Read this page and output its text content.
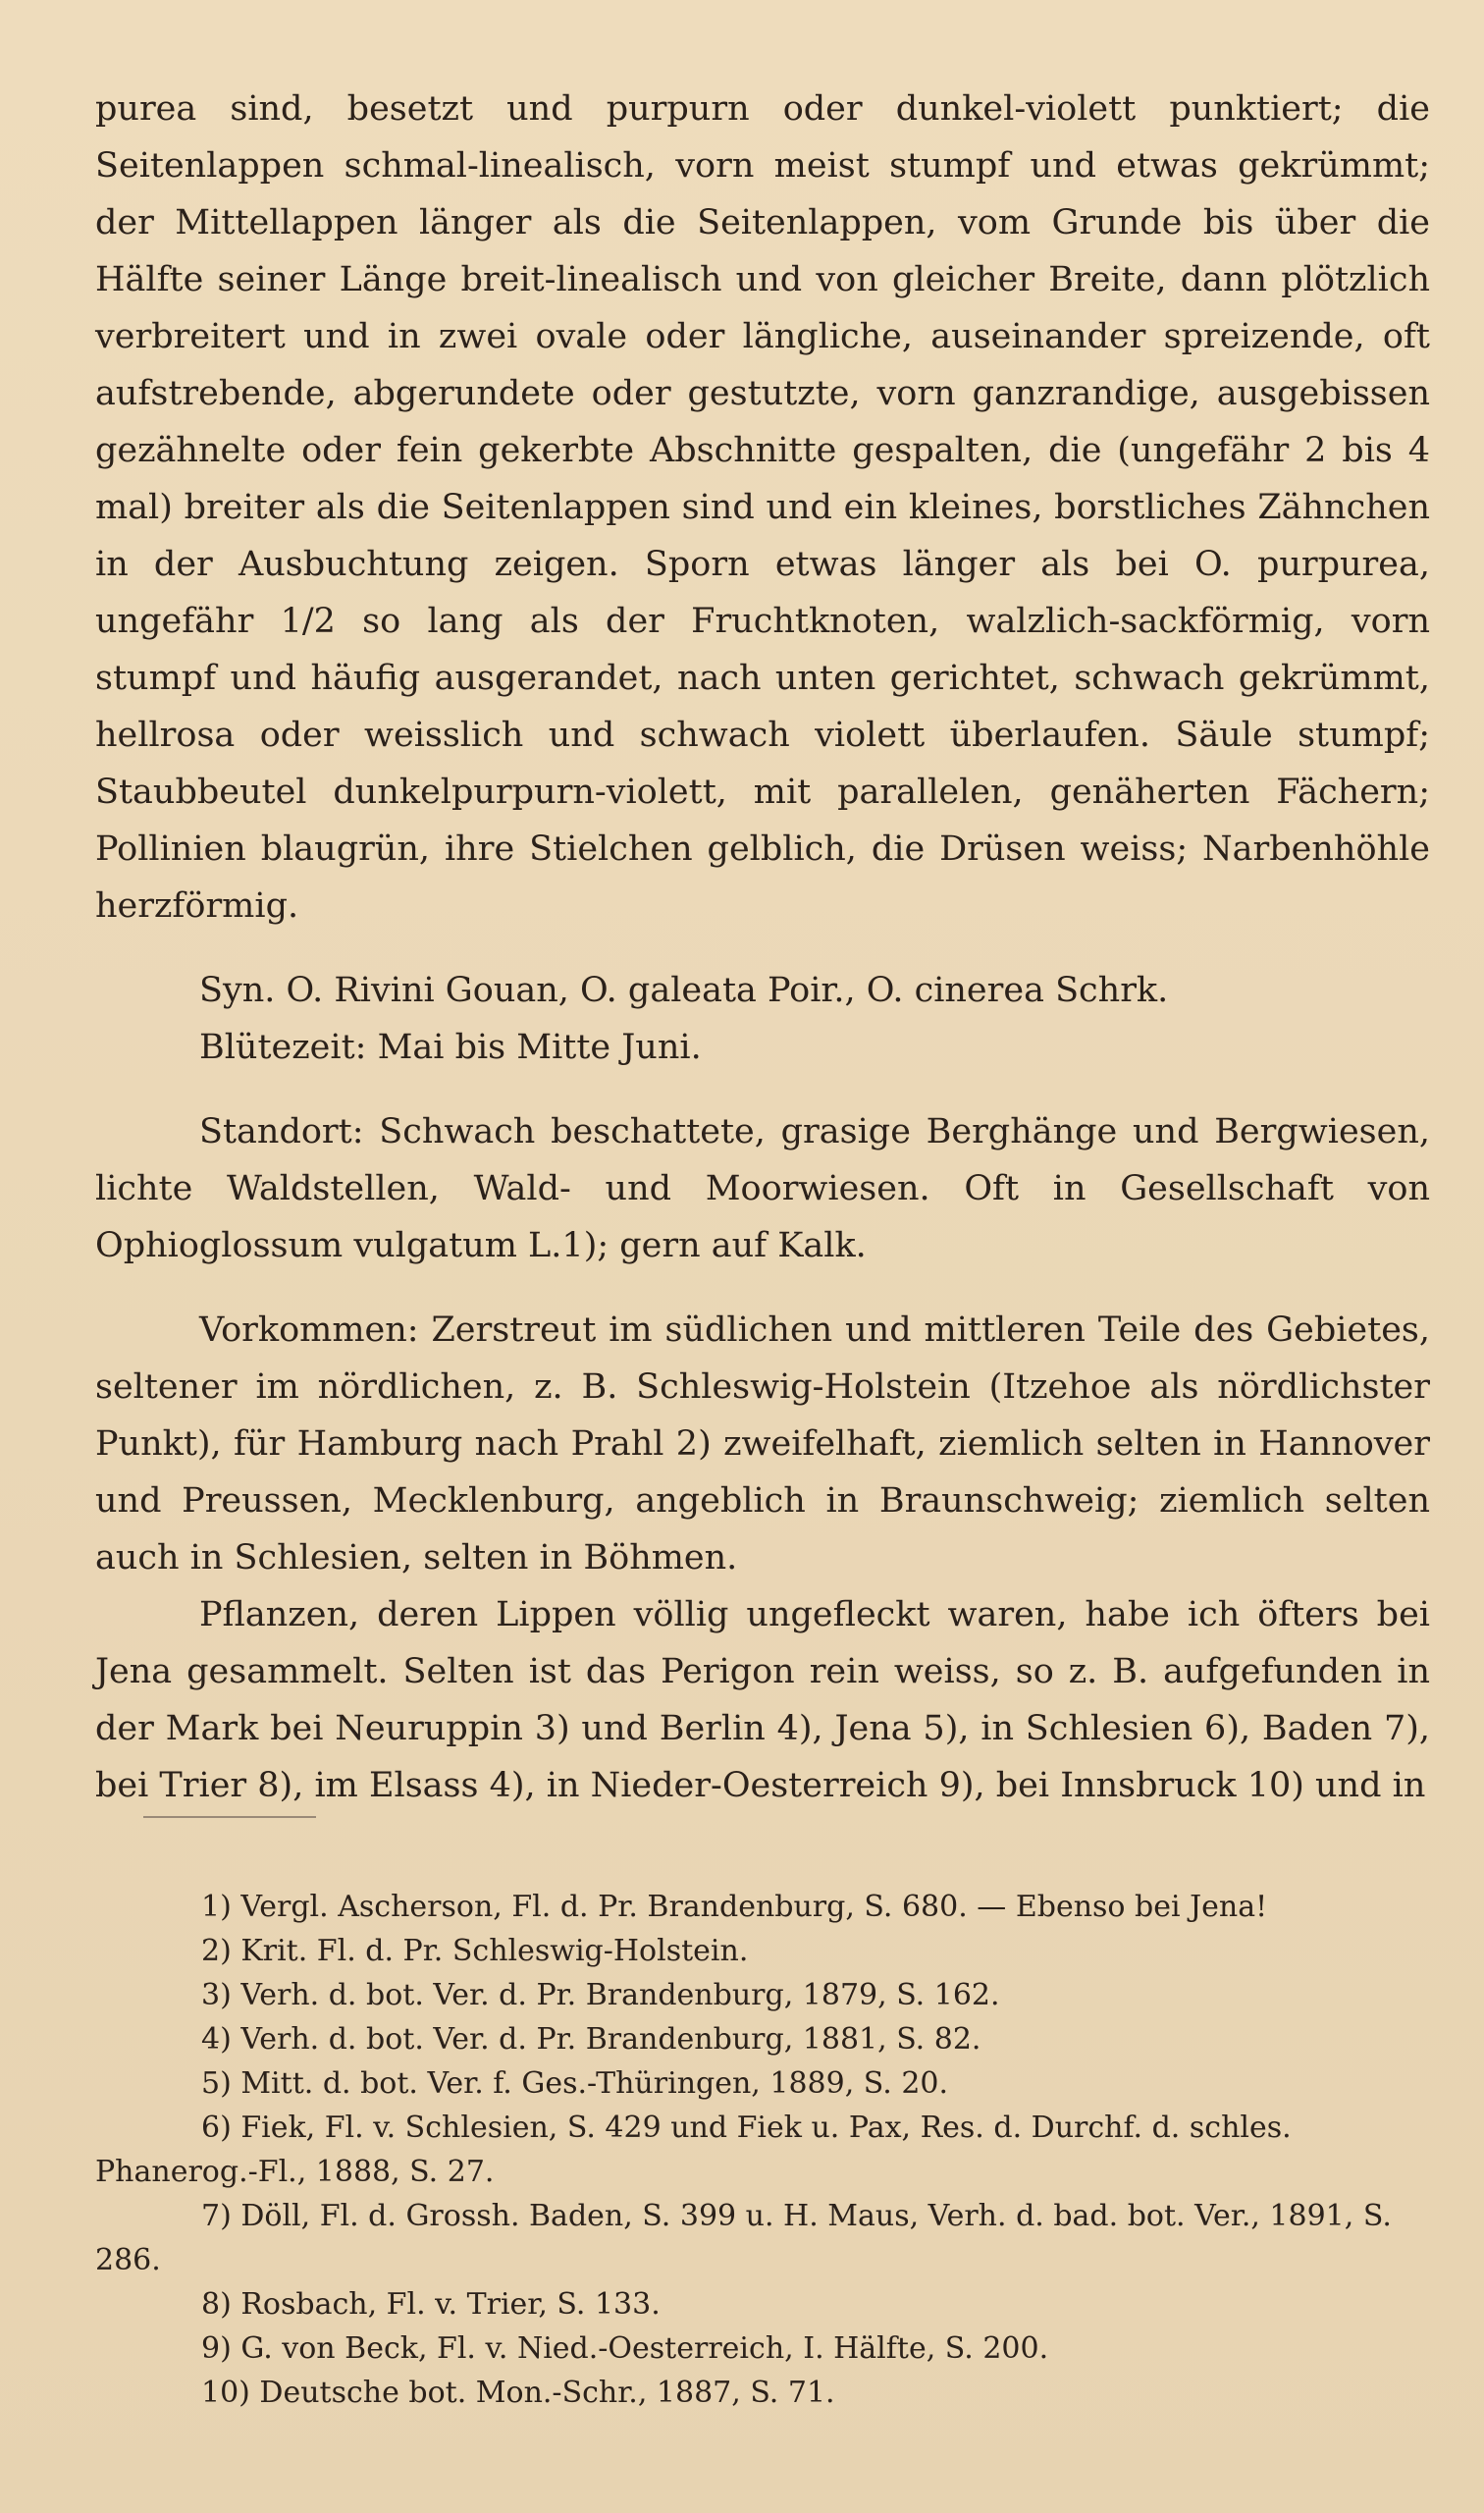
purea sind, besetzt und purpurn oder dunkel-violett punktiert; die Seitenlappen schmal-linealisch, vorn meist stumpf und etwas gekrümmt; der Mittellappen länger als die Seitenlappen, vom Grunde bis über die Hälfte seiner Länge breit-linealisch und von gleicher Breite, dann plötzlich verbreitert und in zwei ovale oder längliche, auseinander spreizende, oft aufstrebende, abgerundete oder gestutzte, vorn ganzrandige, ausgebissen gezähnelte oder fein gekerbte Abschnitte gespalten, die (ungefähr 2 bis 4 mal) breiter als die Seitenlappen sind und ein kleines, borstliches Zähnchen in der Ausbuchtung zeigen. Sporn etwas länger als bei O. purpurea, ungefähr 1/2 so lang als der Fruchtknoten, walzlich-sackförmig, vorn stumpf und häufig ausgerandet, nach unten gerichtet, schwach gekrümmt, hellrosa oder weisslich und schwach violett überlaufen. Säule stumpf; Staubbeutel dunkelpurpurn-violett, mit parallelen, genäherten Fächern; Pollinien blaugrün, ihre Stielchen gelblich, die Drüsen weiss; Narbenhöhle herzförmig.

Syn. O. Rivini Gouan, O. galeata Poir., O. cinerea Schrk.

Blütezeit: Mai bis Mitte Juni.

Standort: Schwach beschattete, grasige Berghänge und Bergwiesen, lichte Waldstellen, Wald- und Moorwiesen. Oft in Gesellschaft von Ophioglossum vulgatum L.1); gern auf Kalk.

Vorkommen: Zerstreut im südlichen und mittleren Teile des Gebietes, seltener im nördlichen, z. B. Schleswig-Holstein (Itzehoe als nördlichster Punkt), für Hamburg nach Prahl 2) zweifelhaft, ziemlich selten in Hannover und Preussen, Mecklenburg, angeblich in Braunschweig; ziemlich selten auch in Schlesien, selten in Böhmen.

Pflanzen, deren Lippen völlig ungefleckt waren, habe ich öfters bei Jena gesammelt. Selten ist das Perigon rein weiss, so z. B. aufgefunden in der Mark bei Neuruppin 3) und Berlin 4), Jena 5), in Schlesien 6), Baden 7), bei Trier 8), im Elsass 4), in Nieder-Oesterreich 9), bei Innsbruck 10) und in

1) Vergl. Ascherson, Fl. d. Pr. Brandenburg, S. 680. — Ebenso bei Jena!

2) Krit. Fl. d. Pr. Schleswig-Holstein.

3) Verh. d. bot. Ver. d. Pr. Brandenburg, 1879, S. 162.

4) Verh. d. bot. Ver. d. Pr. Brandenburg, 1881, S. 82.

5) Mitt. d. bot. Ver. f. Ges.-Thüringen, 1889, S. 20.

6) Fiek, Fl. v. Schlesien, S. 429 und Fiek u. Pax, Res. d. Durchf. d. schles. Phanerog.-Fl., 1888, S. 27.

7) Döll, Fl. d. Grossh. Baden, S. 399 u. H. Maus, Verh. d. bad. bot. Ver., 1891, S. 286.

8) Rosbach, Fl. v. Trier, S. 133.

9) G. von Beck, Fl. v. Nied.-Oesterreich, I. Hälfte, S. 200.

10) Deutsche bot. Mon.-Schr., 1887, S. 71.
